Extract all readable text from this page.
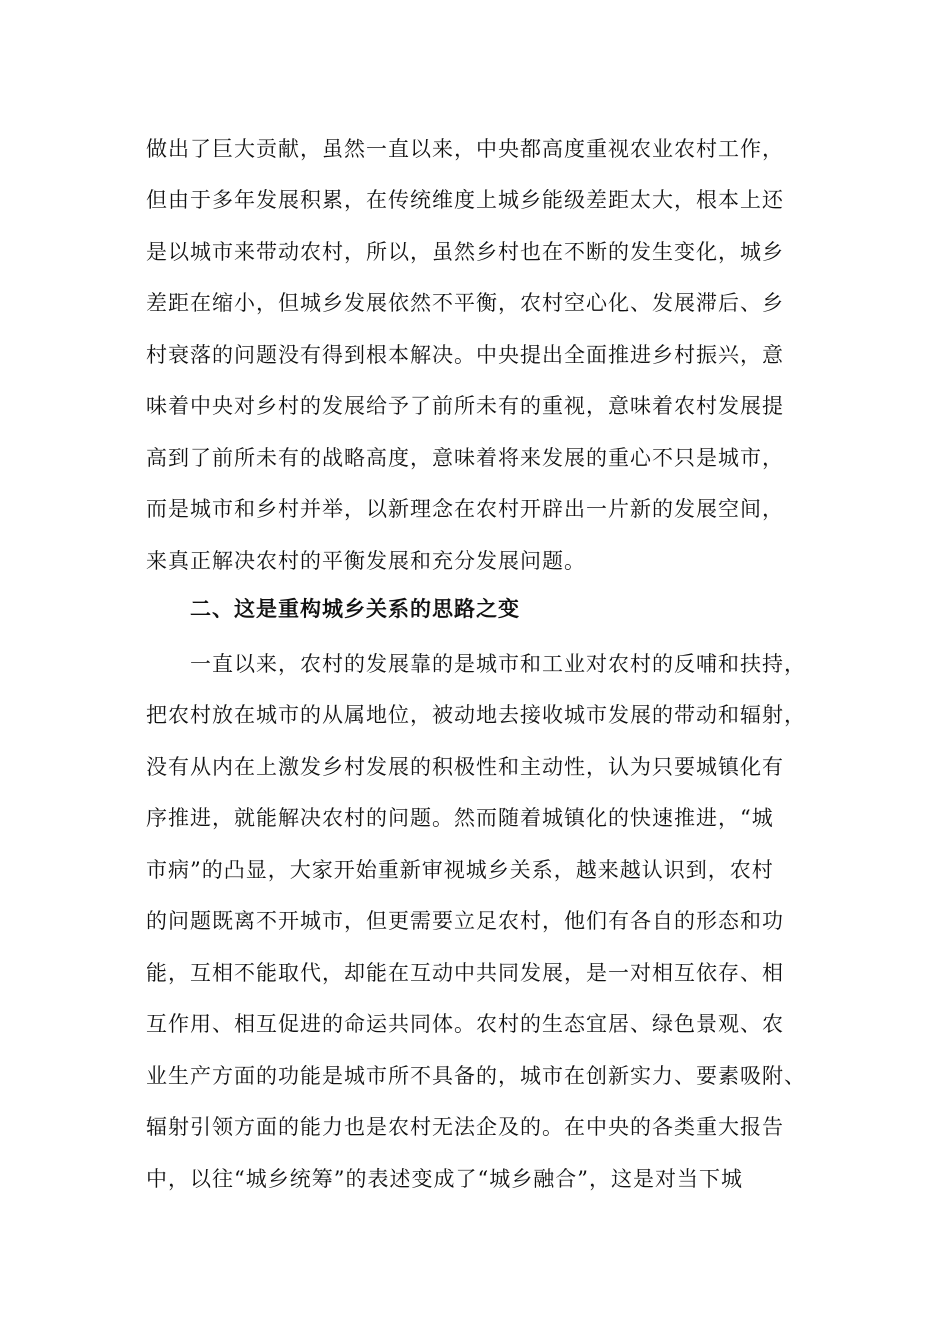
做出了巨大贡献，虽然一直以来，中央都高度重视农业农村工作，
但由于多年发展积累，在传统维度上城乡能级差距太大，根本上还
是以城市来带动农村，所以，虽然乡村也在不断的发生变化，城乡
差距在缩小，但城乡发展依然不平衡，农村空心化、发展滞后、乡
村衰落的问题没有得到根本解决。中央提出全面推进乡村振兴，意
味着中央对乡村的发展给予了前所未有的重视，意味着农村发展提
高到了前所未有的战略高度，意味着将来发展的重心不只是城市，
而是城市和乡村并举，以新理念在农村开辟出一片新的发展空间，
来真正解决农村的平衡发展和充分发展问题。
二、这是重构城乡关系的思路之变
一直以来，农村的发展靠的是城市和工业对农村的反哺和扶持，
把农村放在城市的从属地位，被动地去接收城市发展的带动和辐射，
没有从内在上激发乡村发展的积极性和主动性，认为只要城镇化有
序推进，就能解决农村的问题。然而随着城镇化的快速推进，“城
市病”的凸显，大家开始重新审视城乡关系，越来越认识到，农村
的问题既离不开城市，但更需要立足农村，他们有各自的形态和功
能，互相不能取代，却能在互动中共同发展，是一对相互依存、相
互作用、相互促进的命运共同体。农村的生态宜居、绿色景观、农
业生产方面的功能是城市所不具备的，城市在创新实力、要素吸附、
辐射引领方面的能力也是农村无法企及的。在中央的各类重大报告
中，以往“城乡统筹”的表述变成了“城乡融合”，这是对当下城
